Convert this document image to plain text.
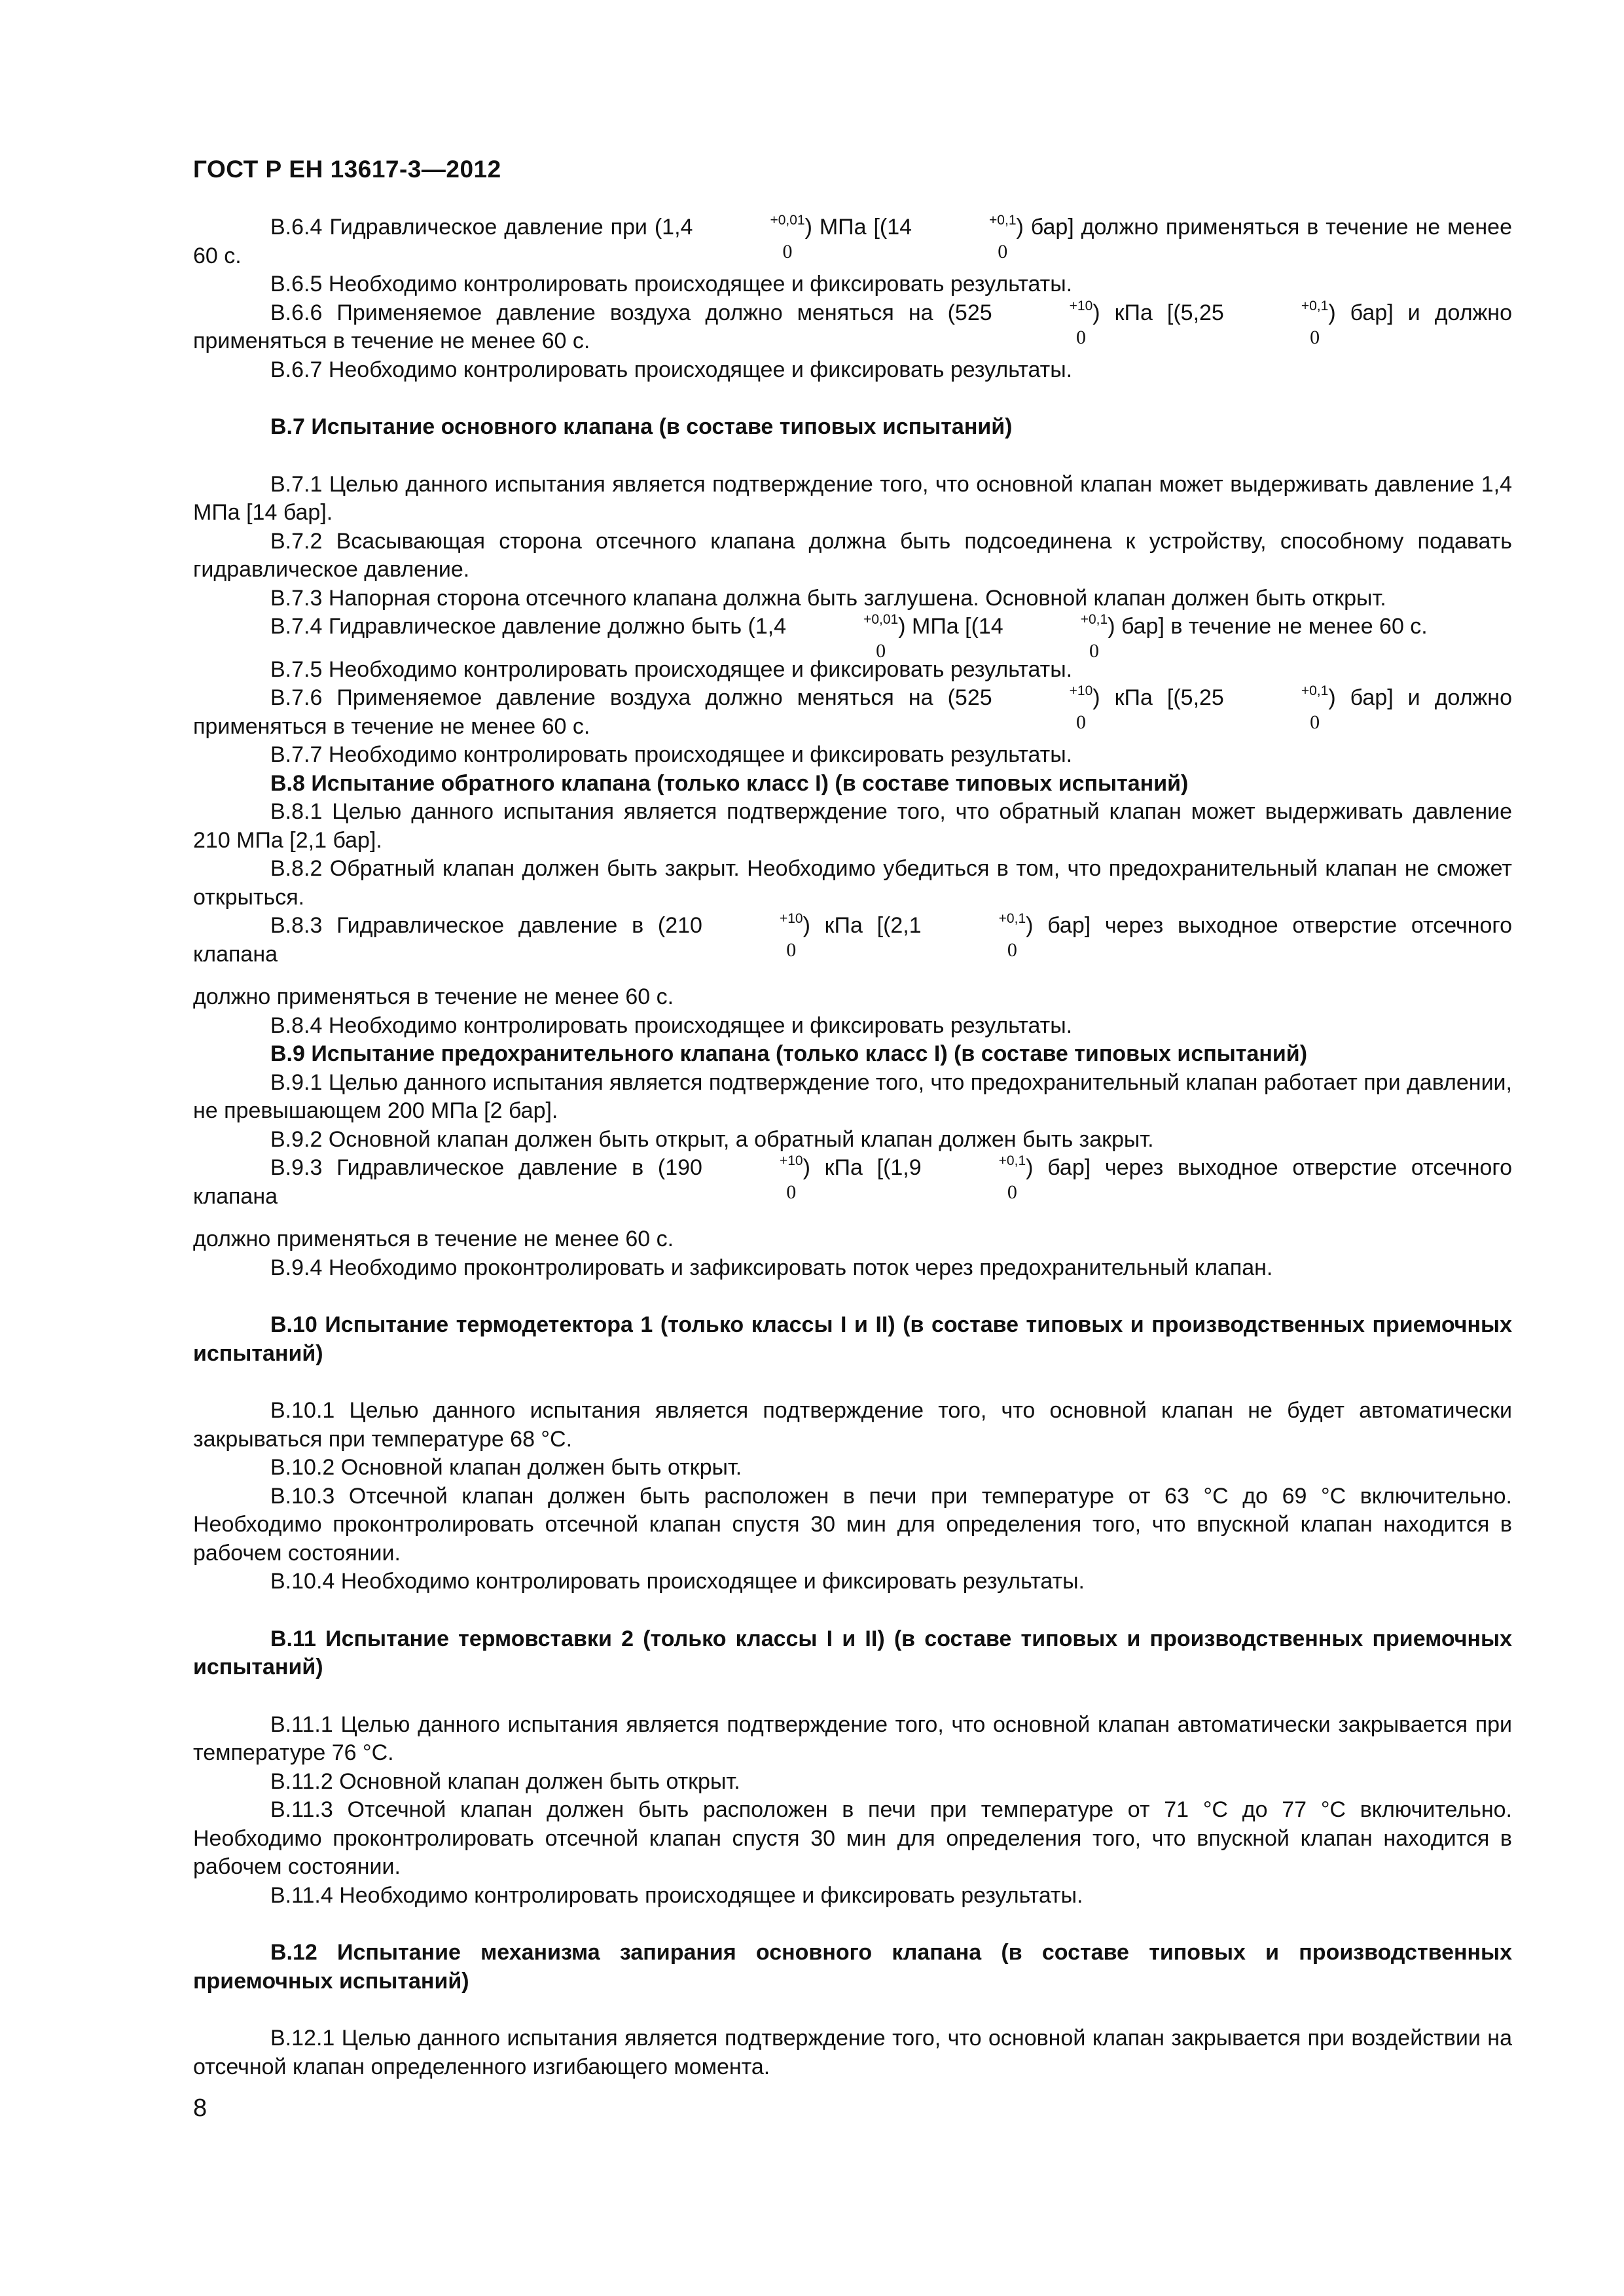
ГОСТ Р ЕН 13617-3—2012

В.6.4 Гидравлическое давление при (1,4	$^{+0,01}$
0
) МПа [(14	$^{+0,1}$
0
) бар] должно применяться в течение не менее 60 с.

В.6.5 Необходимо контролировать происходящее и фиксировать результаты.

В.6.6 Применяемое давление воздуха должно меняться на (525	$^{+10}$
0
) кПа [(5,25	$^{+0,1}$
0
) бар] и должно применяться в течение не менее 60 с.

В.6.7 Необходимо контролировать происходящее и фиксировать результаты.

В.7 Испытание основного клапана (в составе типовых испытаний)

В.7.1 Целью данного испытания является подтверждение того, что основной клапан может выдерживать давление 1,4 МПа [14 бар].

В.7.2 Всасывающая сторона отсечного клапана должна быть подсоединена к устройству, способному подавать гидравлическое давление.

В.7.3 Напорная сторона отсечного клапана должна быть заглушена. Основной клапан должен быть открыт.

В.7.4 Гидравлическое давление должно быть (1,4	$^{+0,01}$
0
) МПа [(14	$^{+0,1}$
0
) бар] в течение не менее 60 с.

В.7.5 Необходимо контролировать происходящее и фиксировать результаты.

В.7.6 Применяемое давление воздуха должно меняться на (525	$^{+10}$
0
) кПа [(5,25	$^{+0,1}$
0
) бар] и должно применяться в течение не менее 60 с.

В.7.7 Необходимо контролировать происходящее и фиксировать результаты.

В.8 Испытание обратного клапана (только класс I) (в составе типовых испытаний)

В.8.1 Целью данного испытания является подтверждение того, что обратный клапан может выдерживать давление 210 МПа [2,1 бар].

В.8.2 Обратный клапан должен быть закрыт. Необходимо убедиться в том, что предохранительный клапан не сможет открыться.

В.8.3 Гидравлическое давление в (210	$^{+10}$
0
) кПа [(2,1	$^{+0,1}$
0
) бар] через выходное отверстие отсечного клапана

должно применяться в течение не менее 60 с.

В.8.4 Необходимо контролировать происходящее и фиксировать результаты.

В.9 Испытание предохранительного клапана (только класс I) (в составе типовых испытаний)

В.9.1 Целью данного испытания является подтверждение того, что предохранительный клапан работает при давлении, не превышающем 200 МПа [2 бар].

В.9.2 Основной клапан должен быть открыт, а обратный клапан должен быть закрыт.

В.9.3 Гидравлическое давление в (190	$^{+10}$
0
) кПа [(1,9	$^{+0,1}$
0
) бар] через выходное отверстие отсечного клапана

должно применяться в течение не менее 60 с.

В.9.4 Необходимо проконтролировать и зафиксировать поток через предохранительный клапан.

В.10 Испытание термодетектора 1 (только классы I и II) (в составе типовых и производственных приемочных испытаний)

В.10.1 Целью данного испытания является подтверждение того, что основной клапан не будет автоматически закрываться при температуре 68 °С.

В.10.2 Основной клапан должен быть открыт.

В.10.3 Отсечной клапан должен быть расположен в печи при температуре от 63 °С до 69 °С включительно. Необходимо проконтролировать отсечной клапан спустя 30 мин для определения того, что впускной клапан находится в рабочем состоянии.

В.10.4 Необходимо контролировать происходящее и фиксировать результаты.

В.11 Испытание термовставки 2 (только классы I и II) (в составе типовых и производственных приемочных испытаний)

В.11.1 Целью данного испытания является подтверждение того, что основной клапан автоматически закрывается при температуре 76 °С.

В.11.2 Основной клапан должен быть открыт.

В.11.3 Отсечной клапан должен быть расположен в печи при температуре от 71 °С до 77 °С включительно. Необходимо проконтролировать отсечной клапан спустя 30 мин для определения того, что впускной клапан находится в рабочем состоянии.

В.11.4 Необходимо контролировать происходящее и фиксировать результаты.

В.12 Испытание механизма запирания основного клапана (в составе типовых и производственных приемочных испытаний)

В.12.1 Целью данного испытания является подтверждение того, что основной клапан закрывается при воздействии на отсечной клапан определенного изгибающего момента.

8
